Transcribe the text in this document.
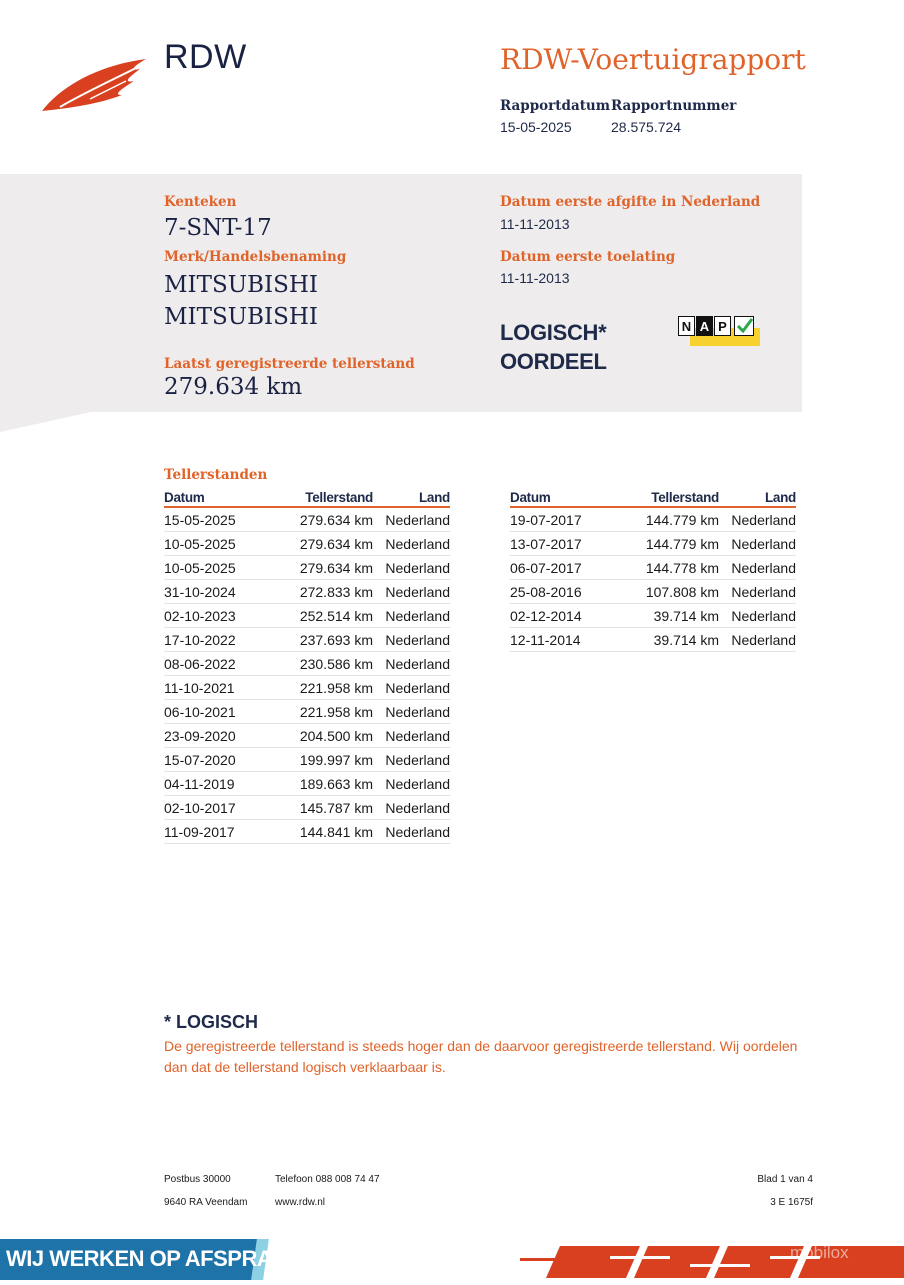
RDW	RDW-Voertuigrapport
Rapportdatum
15-05-2025
Rapportnummer
28.575.724
Kenteken
7-SNT-17
Merk/Handelsbenaming
MITSUBISHI
MITSUBISHI
Laatst geregistreerde tellerstand
279.634 km
Datum eerste afgifte in Nederland
11-11-2013
Datum eerste toelating
11-11-2013
LOGISCH*
OORDEEL
N A P
Tellerstanden
Datum	Tellerstand	Land
15-05-2025	279.634 km	Nederland
10-05-2025	279.634 km	Nederland
10-05-2025	279.634 km	Nederland
31-10-2024	272.833 km	Nederland
02-10-2023	252.514 km	Nederland
17-10-2022	237.693 km	Nederland
08-06-2022	230.586 km	Nederland
11-10-2021	221.958 km	Nederland
06-10-2021	221.958 km	Nederland
23-09-2020	204.500 km	Nederland
15-07-2020	199.997 km	Nederland
04-11-2019	189.663 km	Nederland
02-10-2017	145.787 km	Nederland
11-09-2017	144.841 km	Nederland
Datum	Tellerstand	Land
19-07-2017	144.779 km	Nederland
13-07-2017	144.779 km	Nederland
06-07-2017	144.778 km	Nederland
25-08-2016	107.808 km	Nederland
02-12-2014	39.714 km	Nederland
12-11-2014	39.714 km	Nederland
* LOGISCH
De geregistreerde tellerstand is steeds hoger dan de daarvoor geregistreerde tellerstand. Wij oordelen dan dat de tellerstand logisch verklaarbaar is.
Postbus 30000
9640 RA Veendam
Telefoon 088 008 74 47
www.rdw.nl
Blad 1 van 4
3 E 1675f
WIJ WERKEN OP AFSPRAAK	mobilox
